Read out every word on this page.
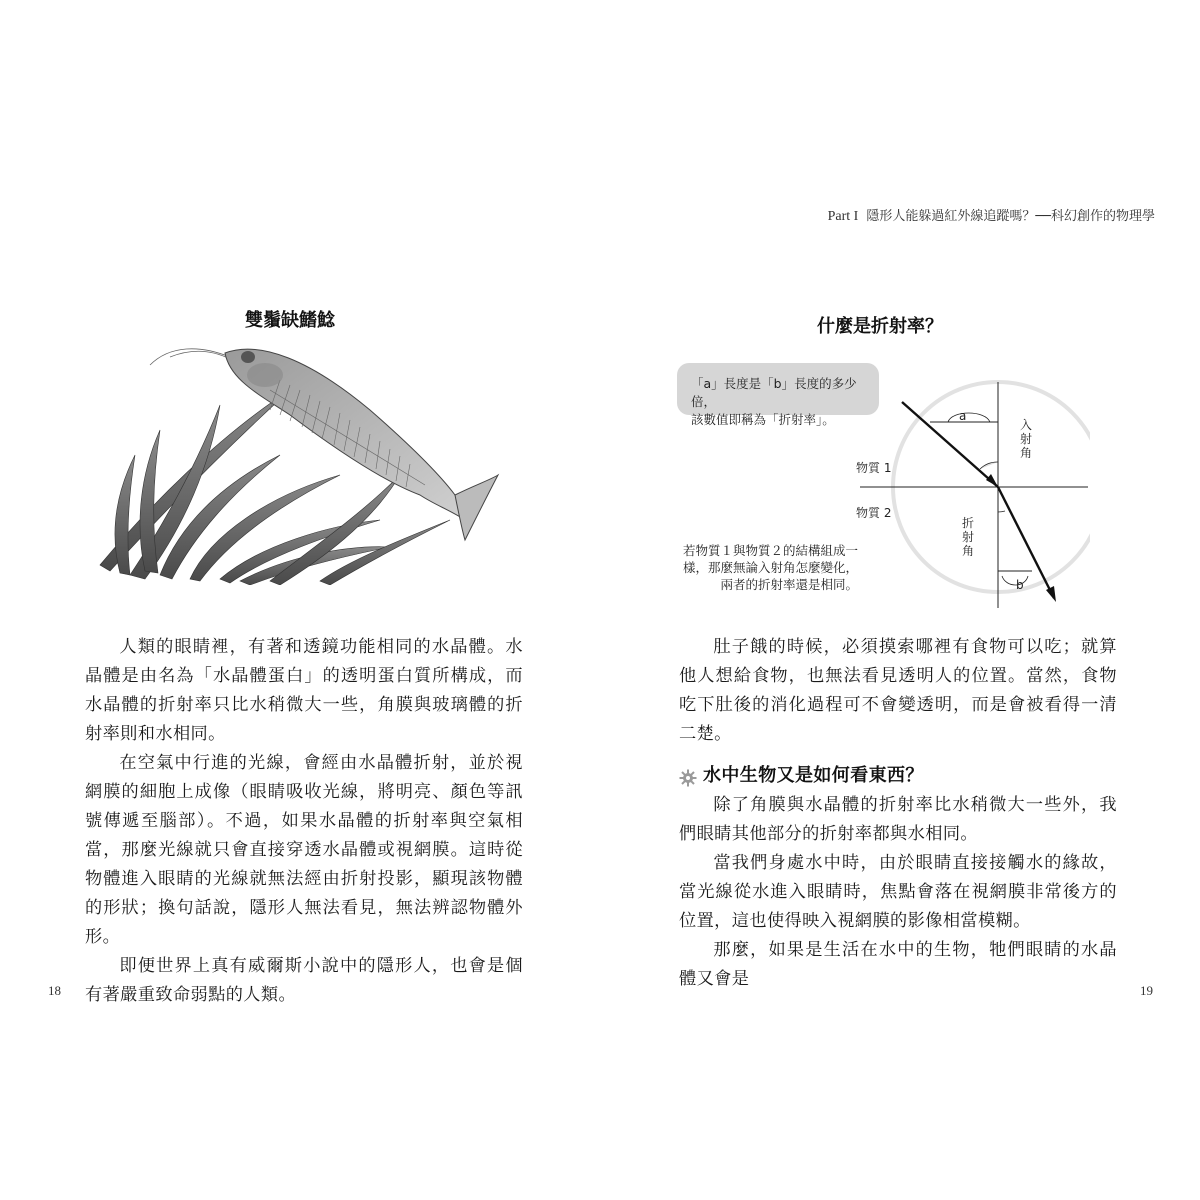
Part I 隱形人能躲過紅外線追蹤嗎？──科幻創作的物理學
雙鬚缺鰭鯰

人類的眼睛裡，有著和透鏡功能相同的水晶體。水晶體是由名為「水晶體蛋白」的透明蛋白質所構成，而水晶體的折射率只比水稍微大一些，角膜與玻璃體的折射率則和水相同。

在空氣中行進的光線，會經由水晶體折射，並於視網膜的細胞上成像（眼睛吸收光線，將明亮、顏色等訊號傳遞至腦部）。不過，如果水晶體的折射率與空氣相當，那麼光線就只會直接穿透水晶體或視網膜。這時從物體進入眼睛的光線就無法經由折射投影，顯現該物體的形狀；換句話說，隱形人無法看見，無法辨認物體外形。

即便世界上真有威爾斯小說中的隱形人，也會是個有著嚴重致命弱點的人類。

18
什麼是折射率？
「a」長度是「b」長度的多少倍，
該數值即稱為「折射率」。
若物質１與物質２的結構組成一
樣，那麼無論入射角怎麼變化，
兩者的折射率還是相同。
a
b
物質 1
物質 2
入射角
折射角

肚子餓的時候，必須摸索哪裡有食物可以吃；就算他人想給食物，也無法看見透明人的位置。當然，食物吃下肚後的消化過程可不會變透明，而是會被看得一清二楚。

水中生物又是如何看東西？

除了角膜與水晶體的折射率比水稍微大一些外，我們眼睛其他部分的折射率都與水相同。

當我們身處水中時，由於眼睛直接接觸水的緣故，當光線從水進入眼睛時，焦點會落在視網膜非常後方的位置，這也使得映入視網膜的影像相當模糊。

那麼，如果是生活在水中的生物，牠們眼睛的水晶體又會是

19
